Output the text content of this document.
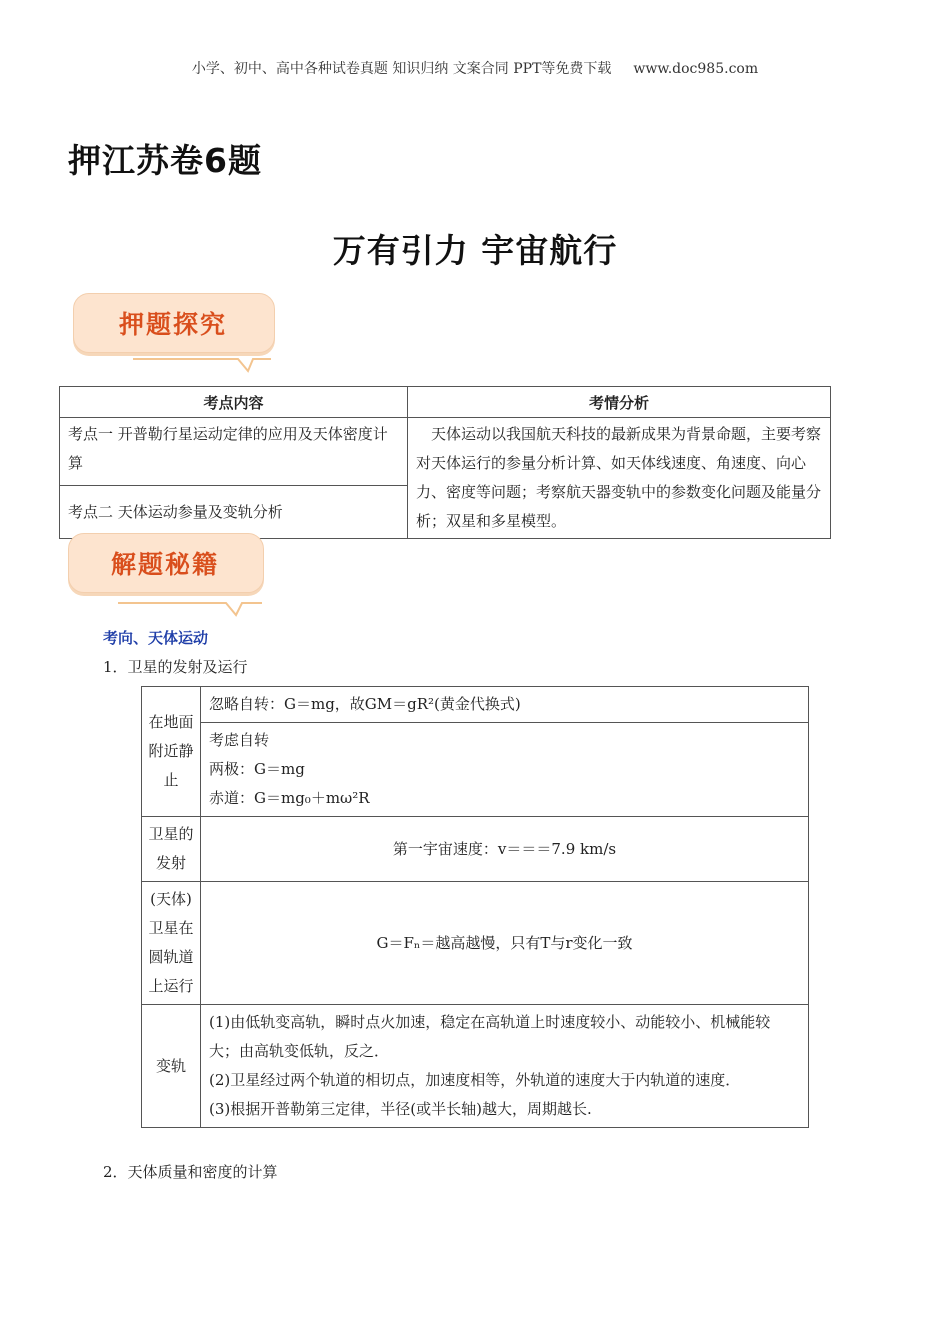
小学、初中、高中各种试卷真题 知识归纳 文案合同 PPT等免费下载 www.doc985.com
押江苏卷6题
万有引力 宇宙航行
押题探究
考点内容	考情分析
考点一 开普勒行星运动定律的应用及天体密度计算	天体运动以我国航天科技的最新成果为背景命题，主要考察对天体运行的参量分析计算、如天体线速度、角速度、向心力、密度等问题；考察航天器变轨中的参数变化问题及能量分析；双星和多星模型。
考点二 天体运动参量及变轨分析	
解题秘籍
考向、天体运动
1．卫星的发射及运行
在地面附近静止	忽略自转：G＝mg，故GM＝gR²(黄金代换式)

	考虑自转
两极：G＝mg
赤道：G＝mg₀＋mω²R

卫星的发射	第一宇宙速度：v＝＝＝7.9 km/s
(天体)卫星在圆轨道上运行	G＝Fₙ＝越高越慢，只有T与r变化一致
变轨	(1)由低轨变高轨，瞬时点火加速，稳定在高轨道上时速度较小、动能较小、机械能较大；由高轨变低轨，反之．
(2)卫星经过两个轨道的相切点，加速度相等，外轨道的速度大于内轨道的速度．
(3)根据开普勒第三定律，半径(或半长轴)越大，周期越长.
2．天体质量和密度的计算
